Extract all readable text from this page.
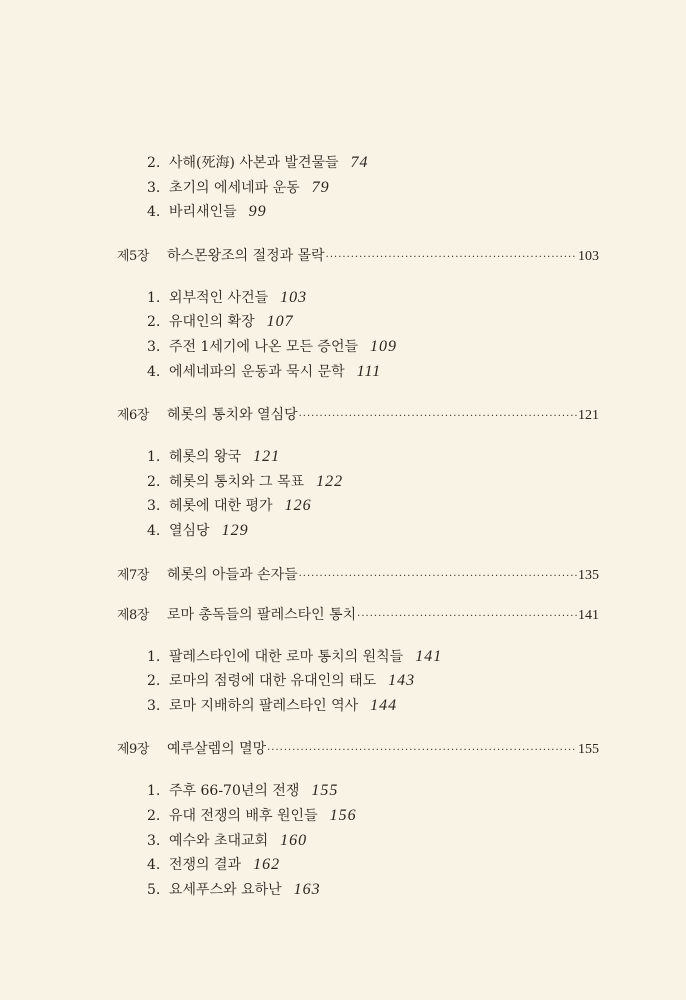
2. 사해(死海) 사본과 발견물들 74
3. 초기의 에세네파 운동 79
4. 바리새인들 99
제5장	하스몬왕조의 절정과 몰락 ·····	103
1. 외부적인 사건들 103
2. 유대인의 확장 107
3. 주전 1세기에 나온 모든 증언들 109
4. 에세네파의 운동과 묵시 문학 111
제6장	헤롯의 통치와 열심당 ·····	121
1. 헤롯의 왕국 121
2. 헤롯의 통치와 그 목표 122
3. 헤롯에 대한 평가 126
4. 열심당 129
제7장	헤롯의 아들과 손자들 ·····	135
제8장	로마 총독들의 팔레스타인 통치 ·····	141
1. 팔레스타인에 대한 로마 통치의 원칙들 141
2. 로마의 점령에 대한 유대인의 태도 143
3. 로마 지배하의 팔레스타인 역사 144
제9장	예루살렘의 멸망 ·····	155
1. 주후 66-70년의 전쟁 155
2. 유대 전쟁의 배후 원인들 156
3. 예수와 초대교회 160
4. 전쟁의 결과 162
5. 요세푸스와 요하난 163
